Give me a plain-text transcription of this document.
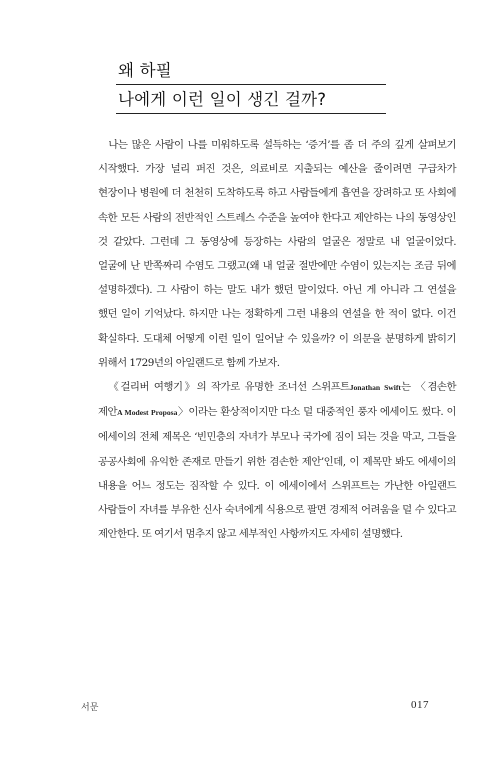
왜 하필
나에게 이런 일이 생긴 걸까?

나는 많은 사람이 나를 미워하도록 설득하는 ‘증거’를 좀 더 주의 깊게 살펴보기 시작했다. 가장 널리 퍼진 것은, 의료비로 지출되는 예산을 줄이려면 구급차가 현장이나 병원에 더 천천히 도착하도록 하고 사람들에게 흡연을 장려하고 또 사회에 속한 모든 사람의 전반적인 스트레스 수준을 높여야 한다고 제안하는 나의 동영상인 것 같았다. 그런데 그 동영상에 등장하는 사람의 얼굴은 정말로 내 얼굴이었다. 얼굴에 난 반쪽짜리 수염도 그랬고(왜 내 얼굴 절반에만 수염이 있는지는 조금 뒤에 설명하겠다). 그 사람이 하는 말도 내가 했던 말이었다. 아닌 게 아니라 그 연설을 했던 일이 기억났다. 하지만 나는 정확하게 그런 내용의 연설을 한 적이 없다. 이건 확실하다. 도대체 어떻게 이런 일이 일어날 수 있을까? 이 의문을 분명하게 밝히기 위해서 1729년의 아일랜드로 함께 가보자.

《걸리버 여행기》의 작가로 유명한 조너선 스위프트Jonathan Swift는 〈겸손한 제안A Modest Proposa〉이라는 환상적이지만 다소 덜 대중적인 풍자 에세이도 썼다. 이 에세이의 전체 제목은 ‘빈민층의 자녀가 부모나 국가에 짐이 되는 것을 막고, 그들을 공공사회에 유익한 존재로 만들기 위한 겸손한 제안’인데, 이 제목만 봐도 에세이의 내용을 어느 정도는 짐작할 수 있다. 이 에세이에서 스위프트는 가난한 아일랜드 사람들이 자녀를 부유한 신사 숙녀에게 식용으로 팔면 경제적 어려움을 덜 수 있다고 제안한다. 또 여기서 멈추지 않고 세부적인 사항까지도 자세히 설명했다.

서문	017
